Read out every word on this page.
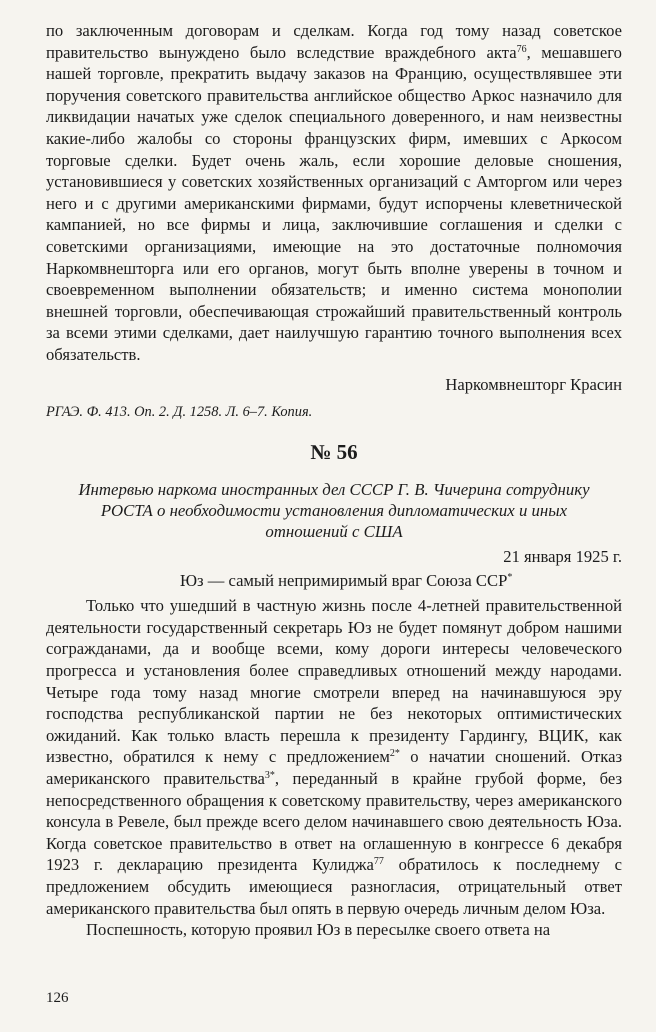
по заключенным договорам и сделкам. Когда год тому назад советское правительство вынуждено было вследствие враждебного акта$^{76}$, мешавшего нашей торговле, прекратить выдачу заказов на Францию, осуществлявшее эти поручения советского правительства английское общество Аркос назначило для ликвидации начатых уже сделок специального доверенного, и нам неизвестны какие-либо жалобы со стороны французских фирм, имевших с Аркосом торговые сделки. Будет очень жаль, если хорошие деловые сношения, установившиеся у советских хозяйственных организаций с Амторгом или через него и с другими американскими фирмами, будут испорчены клеветнической кампанией, но все фирмы и лица, заключившие соглашения и сделки с советскими организациями, имеющие на это достаточные полномочия Наркомвнешторга или его органов, могут быть вполне уверены в точном и своевременном выполнении обязательств; и именно система монополии внешней торговли, обеспечивающая строжайший правительственный контроль за всеми этими сделками, дает наилучшую гарантию точного выполнения всех обязательств.

Наркомвнешторг Красин
РГАЭ. Ф. 413. Оп. 2. Д. 1258. Л. 6–7. Копия.
№ 56
Интервью наркома иностранных дел СССР Г. В. Чичерина сотруднику РОСТА о необходимости установления дипломатических и иных отношений с США
21 января 1925 г.
Юз — самый непримиримый враг Союза ССР*

Только что ушедший в частную жизнь после 4-летней правительственной деятельности государственный секретарь Юз не будет помянут добром нашими согражданами, да и вообще всеми, кому дороги интересы человеческого прогресса и установления более справедливых отношений между народами. Четыре года тому назад многие смотрели вперед на начинавшуюся эру господства республиканской партии не без некоторых оптимистических ожиданий. Как только власть перешла к президенту Гардингу, ВЦИК, как известно, обратился к нему с предложением$^{2*}$ о начатии сношений. Отказ американского правительства$^{3*}$, переданный в крайне грубой форме, без непосредственного обращения к советскому правительству, через американского консула в Ревеле, был прежде всего делом начинавшего свою деятельность Юза. Когда советское правительство в ответ на оглашенную в конгрессе 6 декабря 1923 г. декларацию президента Кулиджа$^{77}$ обратилось к последнему с предложением обсудить имеющиеся разногласия, отрицательный ответ американского правительства был опять в первую очередь личным делом Юза.

Поспешность, которую проявил Юз в пересылке своего ответа на

126
